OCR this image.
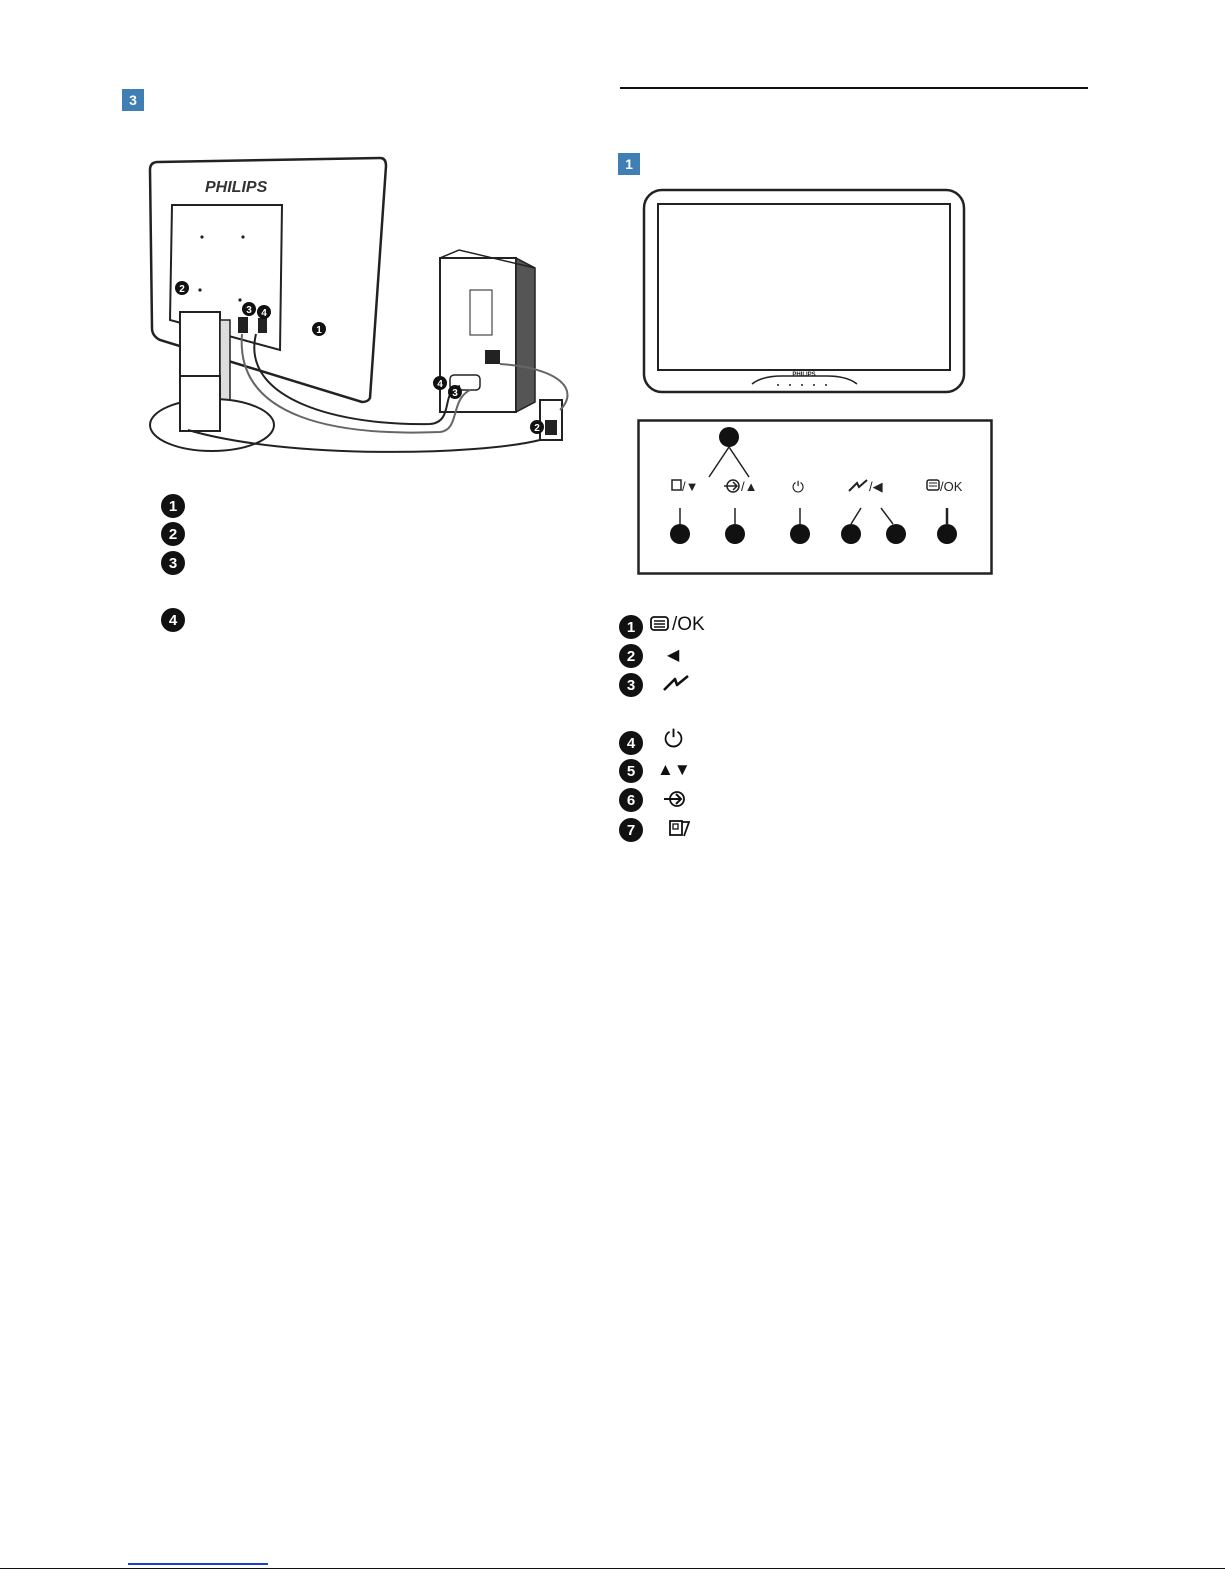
3
PHILIPS
2
3 4
1
4
3
2
1
2
3
4
1
PHILIPS
/▼	/▲ ⏻	/◀	/OK
1	/OK
2	◀
3
4	⏻
5	▲▼
6
7
